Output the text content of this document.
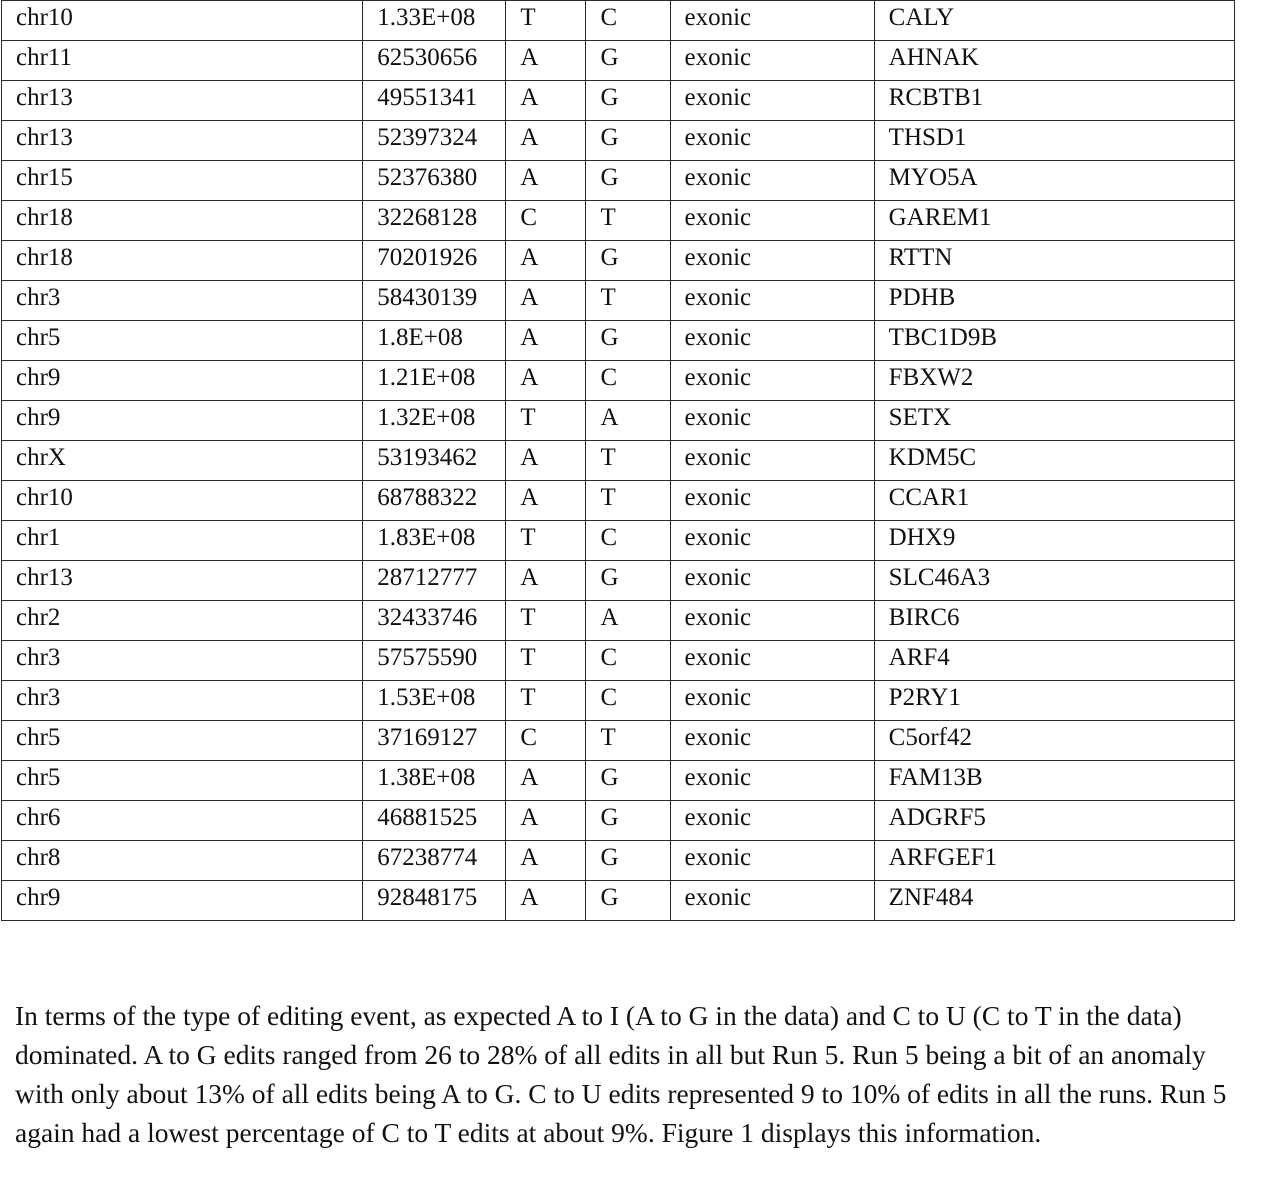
chr10	1.33E+08	T	C	exonic	CALY
chr11	62530656	A	G	exonic	AHNAK
chr13	49551341	A	G	exonic	RCBTB1
chr13	52397324	A	G	exonic	THSD1
chr15	52376380	A	G	exonic	MYO5A
chr18	32268128	C	T	exonic	GAREM1
chr18	70201926	A	G	exonic	RTTN
chr3	58430139	A	T	exonic	PDHB
chr5	1.8E+08	A	G	exonic	TBC1D9B
chr9	1.21E+08	A	C	exonic	FBXW2
chr9	1.32E+08	T	A	exonic	SETX
chrX	53193462	A	T	exonic	KDM5C
chr10	68788322	A	T	exonic	CCAR1
chr1	1.83E+08	T	C	exonic	DHX9
chr13	28712777	A	G	exonic	SLC46A3
chr2	32433746	T	A	exonic	BIRC6
chr3	57575590	T	C	exonic	ARF4
chr3	1.53E+08	T	C	exonic	P2RY1
chr5	37169127	C	T	exonic	C5orf42
chr5	1.38E+08	A	G	exonic	FAM13B
chr6	46881525	A	G	exonic	ADGRF5
chr8	67238774	A	G	exonic	ARFGEF1
chr9	92848175	A	G	exonic	ZNF484

In terms of the type of editing event, as expected A to I (A to G in the data) and C to U (C to T in the data) dominated. A to G edits ranged from 26 to 28% of all edits in all but Run 5. Run 5 being a bit of an anomaly with only about 13% of all edits being A to G. C to U edits represented 9 to 10% of edits in all the runs. Run 5 again had a lowest percentage of C to T edits at about 9%. Figure 1 displays this information.
